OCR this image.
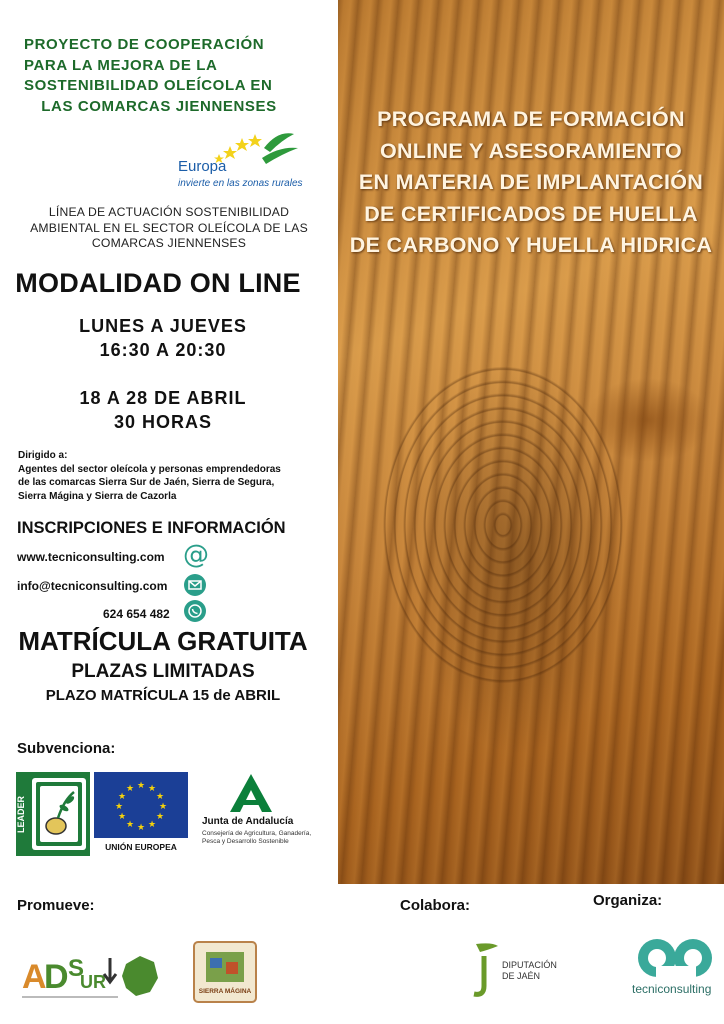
PROYECTO DE COOPERACIÓN
PARA LA MEJORA DE LA
SOSTENIBILIDAD OLEÍCOLA EN
LAS COMARCAS JIENNENSES
Europa
invierte en las zonas rurales
LÍNEA DE ACTUACIÓN SOSTENIBILIDAD
AMBIENTAL EN EL SECTOR OLEÍCOLA DE LAS
COMARCAS JIENNENSES
MODALIDAD ON LINE
LUNES A JUEVES
16:30 A 20:30
18 A 28 DE ABRIL
30 HORAS
Dirigido a:
Agentes del sector oleícola y personas emprendedoras
de las comarcas Sierra Sur de Jaén, Sierra de Segura,
Sierra Mágina y Sierra de Cazorla
INSCRIPCIONES E INFORMACIÓN
www.tecniconsulting.com @
info@tecniconsulting.com
624 654 482
MATRÍCULA GRATUITA
PLAZAS LIMITADAS
PLAZO MATRÍCULA 15 de ABRIL
Subvenciona:
LEADER
★ ★
★
★
★
★
★
★
★
★
★
★
UNIÓN EUROPEA
Junta de Andalucía
Consejería de Agricultura, Ganadería, Pesca y Desarrollo Sostenible
PROGRAMA DE FORMACIÓN
ONLINE Y ASESORAMIENTO
EN MATERIA DE IMPLANTACIÓN
DE CERTIFICADOS DE HUELLA
DE CARBONO Y HUELLA HIDRICA
Promueve:	Colabora:	Organiza:
A
D S
UR	SIERRA MÁGINA
DIPUTACIÓN
DE JAÉN
tecniconsulting
